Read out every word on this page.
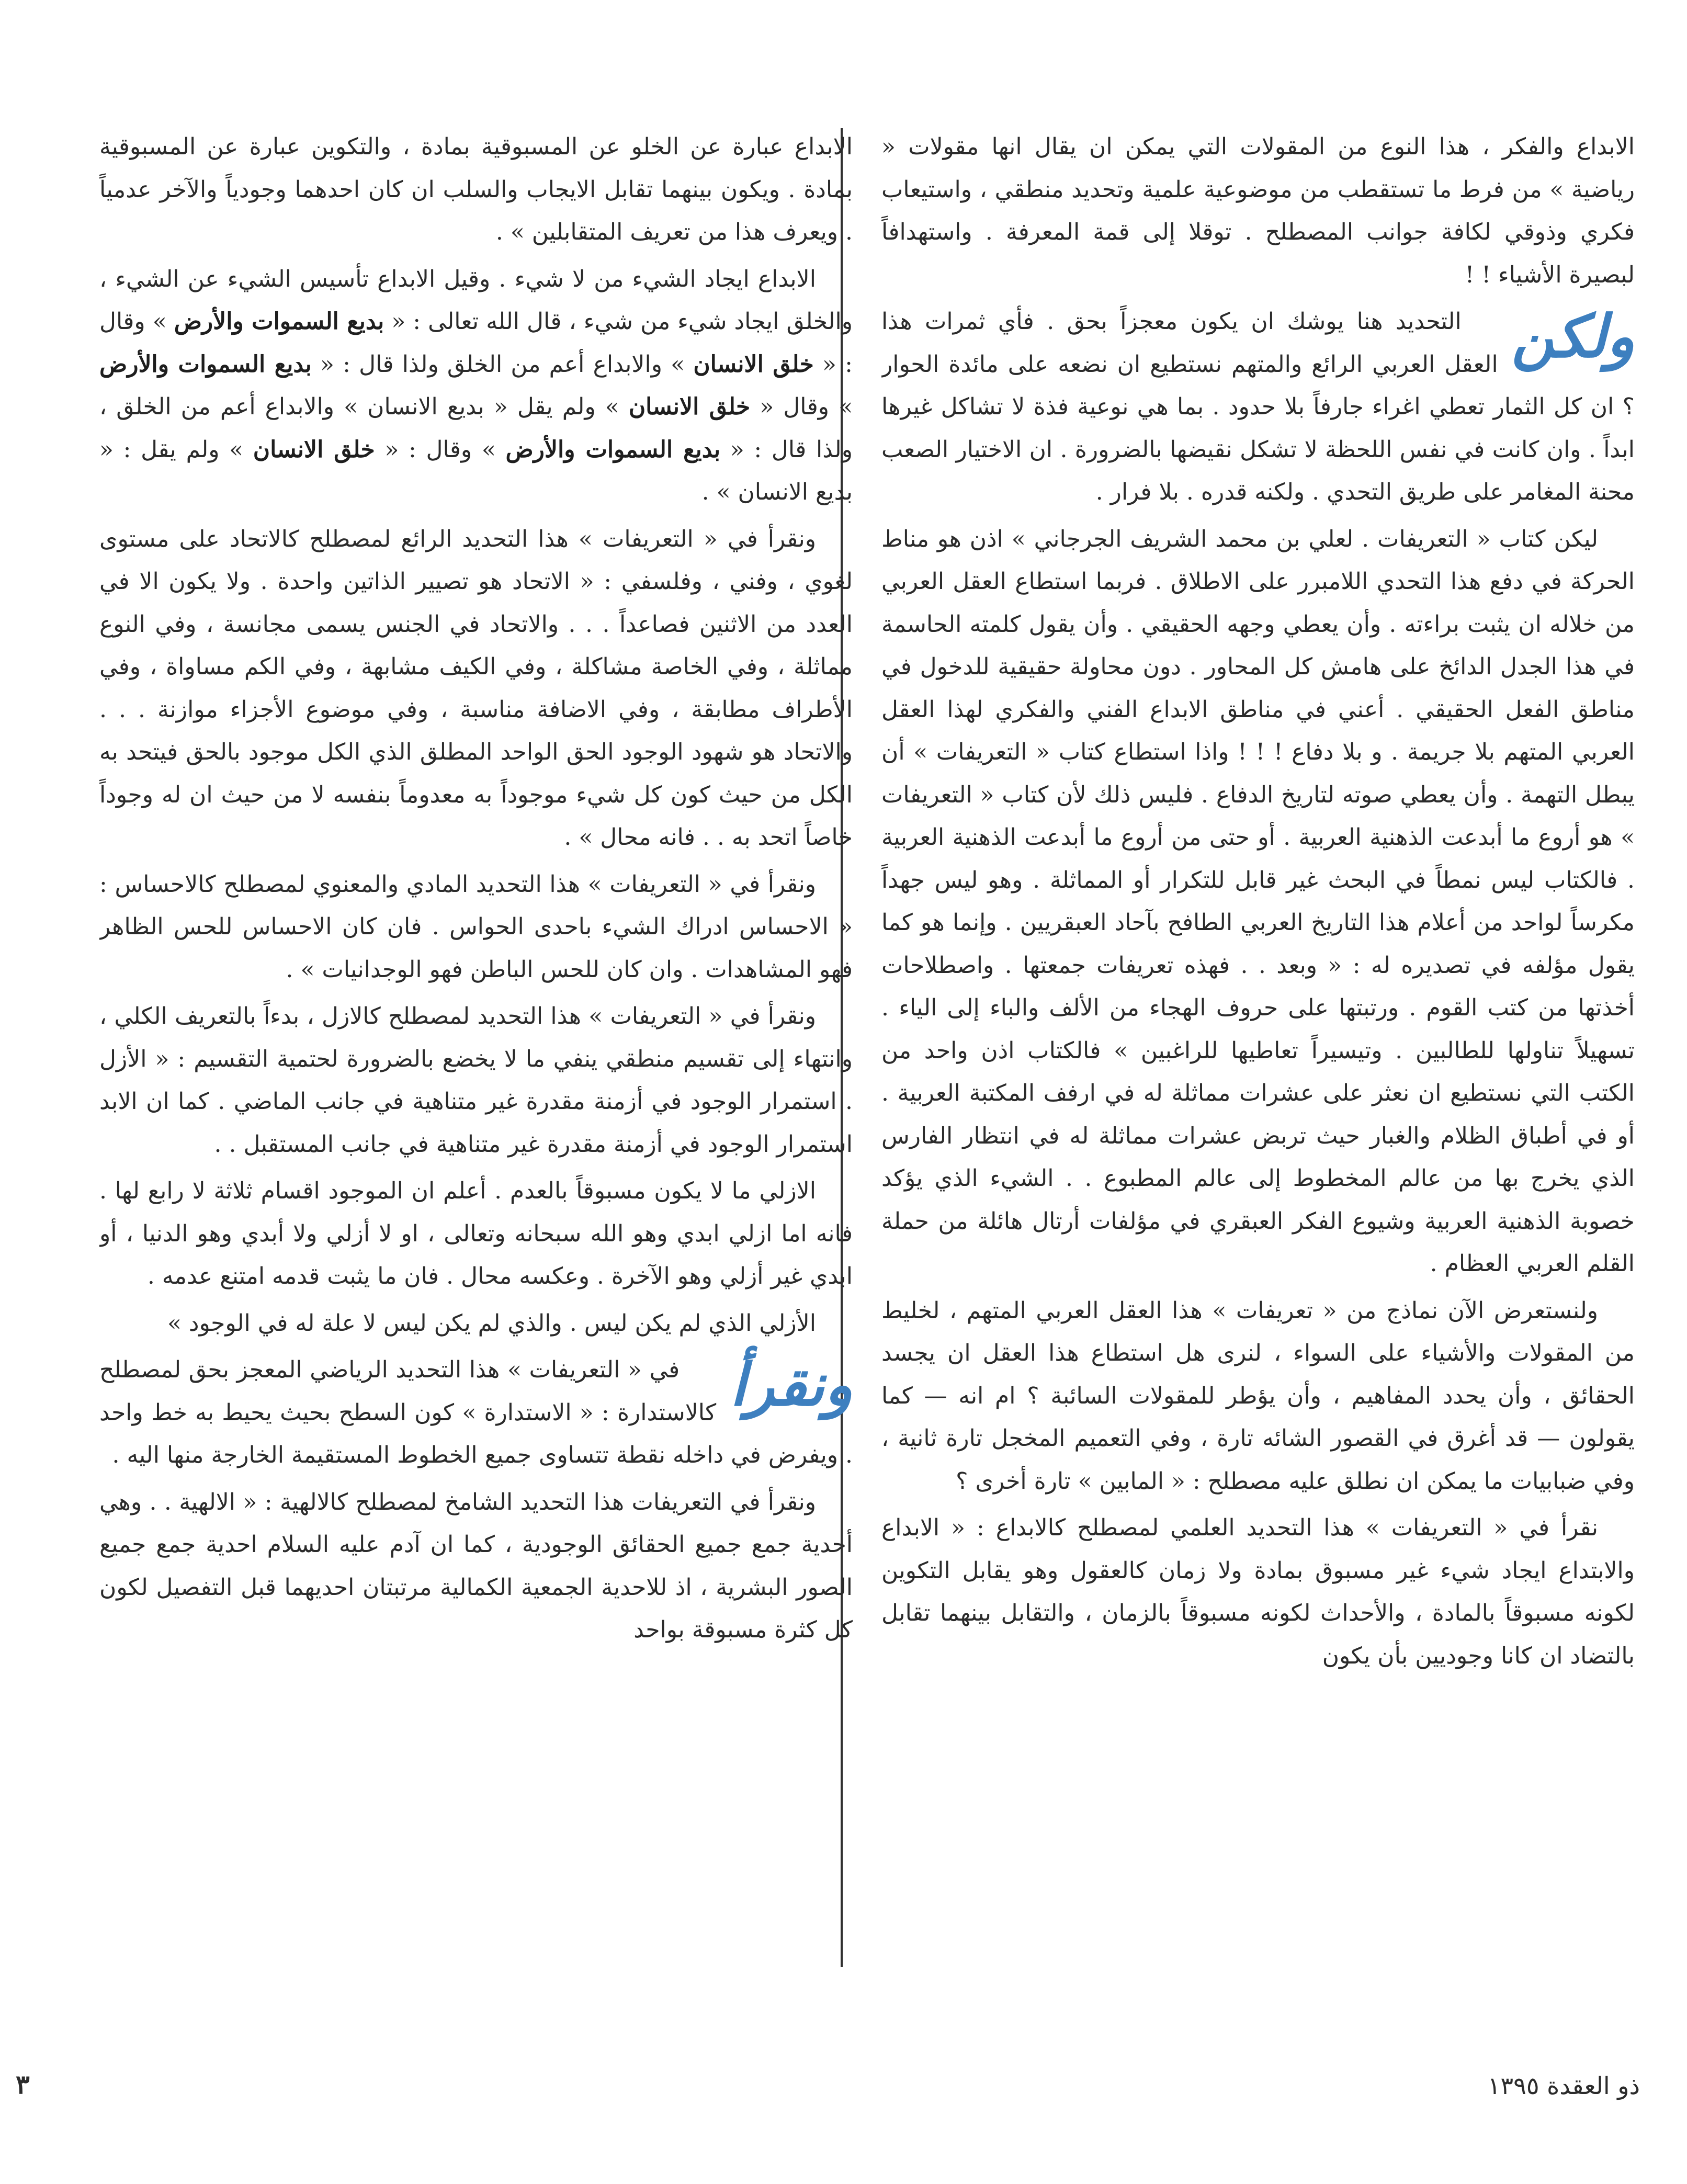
الابداع والفكر ، هذا النوع من المقولات التي يمكن ان يقال انها مقولات « رياضية » من فرط ما تستقطب من موضوعية علمية وتحديد منطقي ، واستيعاب فكري وذوقي لكافة جوانب المصطلح . توقلا إلى قمة المعرفة . واستهدافاً لبصيرة الأشياء ! !

ولكن
التحديد هنا يوشك ان يكون معجزاً بحق . فأي ثمرات هذا العقل العربي الرائع والمتهم نستطيع ان نضعه على مائدة الحوار ؟ ان كل الثمار تعطي اغراء جارفاً بلا حدود . بما هي نوعية فذة لا تشاكل غيرها ابداً . وان كانت في نفس اللحظة لا تشكل نقيضها بالضرورة . ان الاختيار الصعب محنة المغامر على طريق التحدي . ولكنه قدره . بلا فرار .

ليكن كتاب « التعريفات . لعلي بن محمد الشريف الجرجاني » اذن هو مناط الحركة في دفع هذا التحدي اللامبرر على الاطلاق . فربما استطاع العقل العربي من خلاله ان يثبت براءته . وأن يعطي وجهه الحقيقي . وأن يقول كلمته الحاسمة في هذا الجدل الدائخ على هامش كل المحاور . دون محاولة حقيقية للدخول في مناطق الفعل الحقيقي . أعني في مناطق الابداع الفني والفكري لهذا العقل العربي المتهم بلا جريمة . و بلا دفاع ! ! ! واذا استطاع كتاب « التعريفات » أن يبطل التهمة . وأن يعطي صوته لتاريخ الدفاع . فليس ذلك لأن كتاب « التعريفات » هو أروع ما أبدعت الذهنية العربية . أو حتى من أروع ما أبدعت الذهنية العربية . فالكتاب ليس نمطاً في البحث غير قابل للتكرار أو المماثلة . وهو ليس جهداً مكرساً لواحد من أعلام هذا التاريخ العربي الطافح بآحاد العبقريين . وإنما هو كما يقول مؤلفه في تصديره له : « وبعد . . فهذه تعريفات جمعتها . واصطلاحات أخذتها من كتب القوم . ورتبتها على حروف الهجاء من الألف والباء إلى الياء . تسهيلاً تناولها للطالبين . وتيسيراً تعاطيها للراغبين » فالكتاب اذن واحد من الكتب التي نستطيع ان نعثر على عشرات مماثلة له في ارفف المكتبة العربية . أو في أطباق الظلام والغبار حيث تربض عشرات مماثلة له في انتظار الفارس الذي يخرج بها من عالم المخطوط إلى عالم المطبوع . . الشيء الذي يؤكد خصوبة الذهنية العربية وشيوع الفكر العبقري في مؤلفات أرتال هائلة من حملة القلم العربي العظام .

ولنستعرض الآن نماذج من « تعريفات » هذا العقل العربي المتهم ، لخليط من المقولات والأشياء على السواء ، لنرى هل استطاع هذا العقل ان يجسد الحقائق ، وأن يحدد المفاهيم ، وأن يؤطر للمقولات السائبة ؟ ام انه — كما يقولون — قد أغرق في القصور الشائه تارة ، وفي التعميم المخجل تارة ثانية ، وفي ضبابيات ما يمكن ان نطلق عليه مصطلح : « المابين » تارة أخرى ؟

نقرأ في « التعريفات » هذا التحديد العلمي لمصطلح كالابداع : « الابداع والابتداع ايجاد شيء غير مسبوق بمادة ولا زمان كالعقول وهو يقابل التكوين لكونه مسبوقاً بالمادة ، والأحداث لكونه مسبوقاً بالزمان ، والتقابل بينهما تقابل بالتضاد ان كانا وجوديين بأن يكون

الابداع عبارة عن الخلو عن المسبوقية بمادة ، والتكوين عبارة عن المسبوقية بمادة . ويكون بينهما تقابل الايجاب والسلب ان كان احدهما وجودياً والآخر عدمياً . ويعرف هذا من تعريف المتقابلين » .

الابداع ايجاد الشيء من لا شيء . وقيل الابداع تأسيس الشيء عن الشيء ، والخلق ايجاد شيء من شيء ، قال الله تعالى : « بديع السموات والأرض » وقال : « خلق الانسان » والابداع أعم من الخلق ولذا قال : « بديع السموات والأرض » وقال « خلق الانسان » ولم يقل « بديع الانسان » والابداع أعم من الخلق ، ولذا قال : « بديع السموات والأرض » وقال : « خلق الانسان » ولم يقل : « بديع الانسان » .

ونقرأ في « التعريفات » هذا التحديد الرائع لمصطلح كالاتحاد على مستوى لغوي ، وفني ، وفلسفي : « الاتحاد هو تصيير الذاتين واحدة . ولا يكون الا في العدد من الاثنين فصاعداً . . . والاتحاد في الجنس يسمى مجانسة ، وفي النوع مماثلة ، وفي الخاصة مشاكلة ، وفي الكيف مشابهة ، وفي الكم مساواة ، وفي الأطراف مطابقة ، وفي الاضافة مناسبة ، وفي موضوع الأجزاء موازنة . . . والاتحاد هو شهود الوجود الحق الواحد المطلق الذي الكل موجود بالحق فيتحد به الكل من حيث كون كل شيء موجوداً به معدوماً بنفسه لا من حيث ان له وجوداً خاصاً اتحد به . . فانه محال » .

ونقرأ في « التعريفات » هذا التحديد المادي والمعنوي لمصطلح كالاحساس : « الاحساس ادراك الشيء باحدى الحواس . فان كان الاحساس للحس الظاهر فهو المشاهدات . وان كان للحس الباطن فهو الوجدانيات » .

ونقرأ في « التعريفات » هذا التحديد لمصطلح كالازل ، بدءاً بالتعريف الكلي ، وانتهاء إلى تقسيم منطقي ينفي ما لا يخضع بالضرورة لحتمية التقسيم : « الأزل . استمرار الوجود في أزمنة مقدرة غير متناهية في جانب الماضي . كما ان الابد استمرار الوجود في أزمنة مقدرة غير متناهية في جانب المستقبل . .

الازلي ما لا يكون مسبوقاً بالعدم . أعلم ان الموجود اقسام ثلاثة لا رابع لها . فانه اما ازلي ابدي وهو الله سبحانه وتعالى ، او لا أزلي ولا أبدي وهو الدنيا ، أو ابدي غير أزلي وهو الآخرة . وعكسه محال . فان ما يثبت قدمه امتنع عدمه .

الأزلي الذي لم يكن ليس . والذي لم يكن ليس لا علة له في الوجود »

ونقرأ
في « التعريفات » هذا التحديد الرياضي المعجز بحق لمصطلح كالاستدارة : « الاستدارة » كون السطح بحيث يحيط به خط واحد . ويفرض في داخله نقطة تتساوى جميع الخطوط المستقيمة الخارجة منها اليه .

ونقرأ في التعريفات هذا التحديد الشامخ لمصطلح كالالهية : « الالهية . . وهي أحدية جمع جميع الحقائق الوجودية ، كما ان آدم عليه السلام احدية جمع جميع الصور البشرية ، اذ للاحدية الجمعية الكمالية مرتبتان احديهما قبل التفصيل لكون كل كثرة مسبوقة بواحد

ذو العقدة ١٣٩٥
٣
